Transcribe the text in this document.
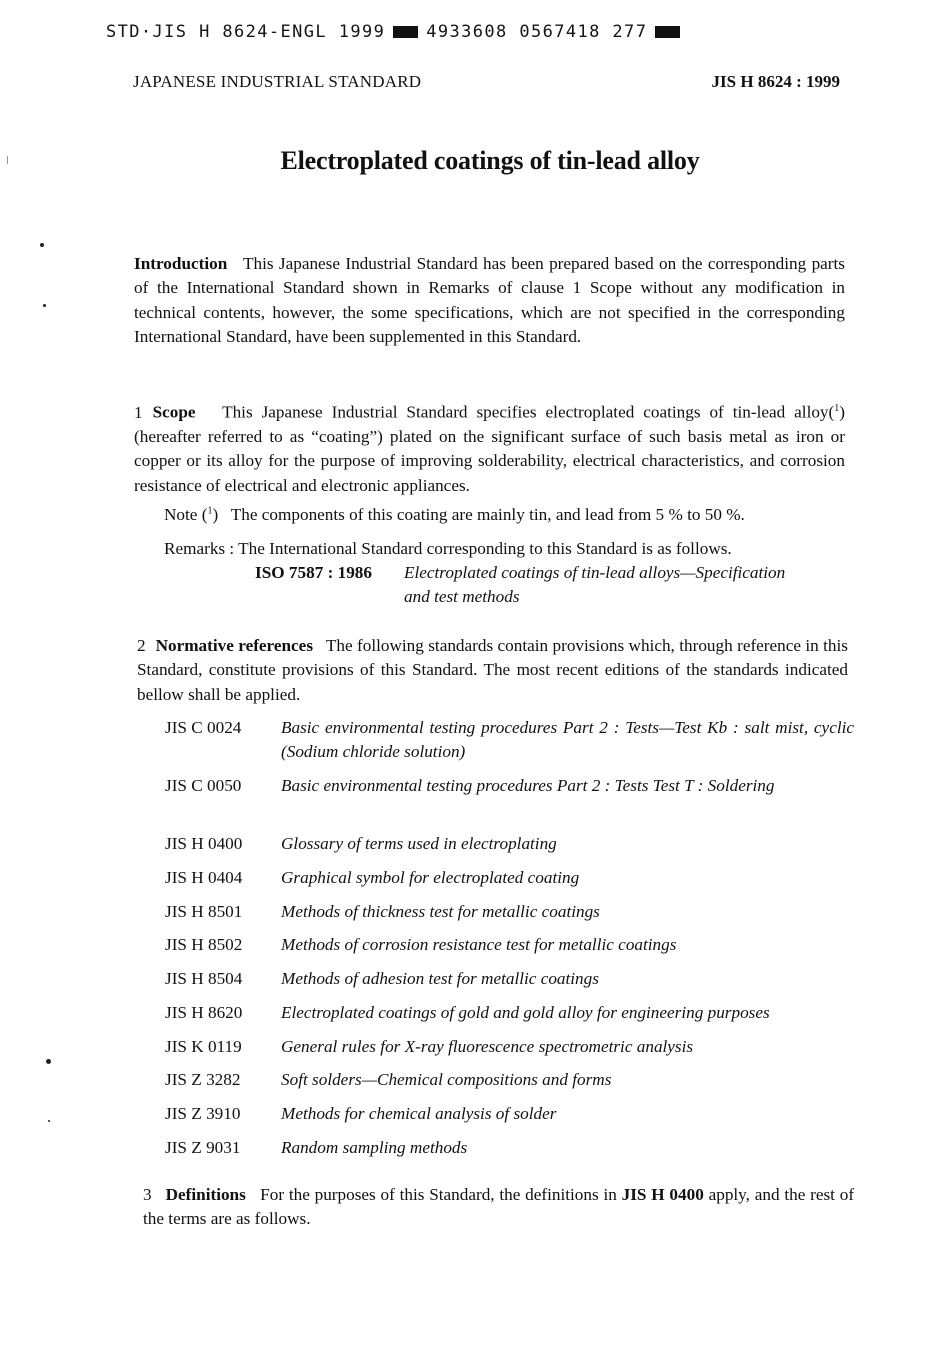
STD·JIS H 8624-ENGL 1999 4933608 0567418 277
JAPANESE INDUSTRIAL STANDARD	JIS H 8624 : 1999
Electroplated coatings of tin-lead alloy
Introduction This Japanese Industrial Standard has been prepared based on the corresponding parts of the International Standard shown in Remarks of clause 1 Scope without any modification in technical contents, however, the some specifications, which are not specified in the corresponding International Standard, have been supplemented in this Standard.
1 Scope This Japanese Industrial Standard specifies electroplated coatings of tin-lead alloy($^1$) (hereafter referred to as “coating”) plated on the significant surface of such basis metal as iron or copper or its alloy for the purpose of improving solderability, electrical characteristics, and corrosion resistance of electrical and electronic appliances.
Note ($^1$) The components of this coating are mainly tin, and lead from 5 % to 50 %.
Remarks : The International Standard corresponding to this Standard is as follows.
ISO 7587 : 1986 Electroplated coatings of tin-lead alloys—Specification
and test methods
2 Normative references The following standards contain provisions which, through reference in this Standard, constitute provisions of this Standard. The most recent editions of the standards indicated bellow shall be applied.
JIS C 0024 Basic environmental testing procedures Part 2 : Tests—Test Kb : salt mist, cyclic (Sodium chloride solution)
JIS C 0050 Basic environmental testing procedures Part 2 : Tests Test T : Soldering
JIS H 0400 Glossary of terms used in electroplating
JIS H 0404 Graphical symbol for electroplated coating
JIS H 8501 Methods of thickness test for metallic coatings
JIS H 8502 Methods of corrosion resistance test for metallic coatings
JIS H 8504 Methods of adhesion test for metallic coatings
JIS H 8620 Electroplated coatings of gold and gold alloy for engineering purposes
JIS K 0119 General rules for X-ray fluorescence spectrometric analysis
JIS Z 3282 Soft solders—Chemical compositions and forms
JIS Z 3910 Methods for chemical analysis of solder
JIS Z 9031 Random sampling methods
3 Definitions For the purposes of this Standard, the definitions in JIS H 0400 apply, and the rest of the terms are as follows.
